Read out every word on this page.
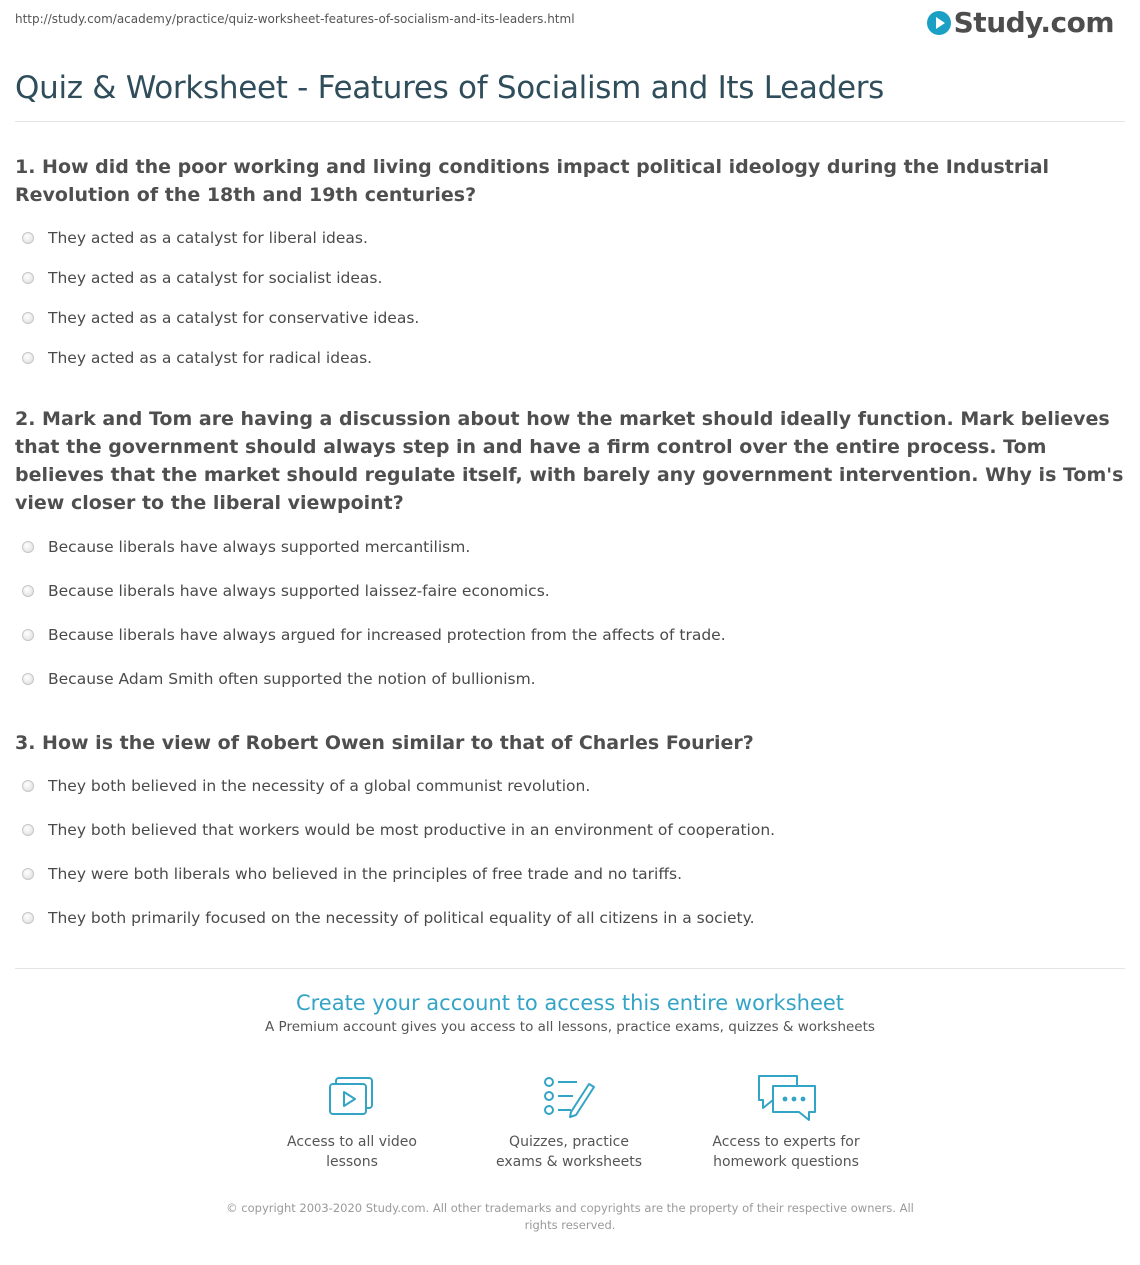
http://study.com/academy/practice/quiz-worksheet-features-of-socialism-and-its-leaders.html	Study.com
Quiz & Worksheet - Features of Socialism and Its Leaders
1. How did the poor working and living conditions impact political ideology during the Industrial Revolution of the 18th and 19th centuries?
They acted as a catalyst for liberal ideas.
They acted as a catalyst for socialist ideas.
They acted as a catalyst for conservative ideas.
They acted as a catalyst for radical ideas.
2. Mark and Tom are having a discussion about how the market should ideally function. Mark believes that the government should always step in and have a firm control over the entire process. Tom believes that the market should regulate itself, with barely any government intervention. Why is Tom's view closer to the liberal viewpoint?
Because liberals have always supported mercantilism.
Because liberals have always supported laissez-faire economics.
Because liberals have always argued for increased protection from the affects of trade.
Because Adam Smith often supported the notion of bullionism.
3. How is the view of Robert Owen similar to that of Charles Fourier?
They both believed in the necessity of a global communist revolution.
They both believed that workers would be most productive in an environment of cooperation.
They were both liberals who believed in the principles of free trade and no tariffs.
They both primarily focused on the necessity of political equality of all citizens in a society.
Create your account to access this entire worksheet
A Premium account gives you access to all lessons, practice exams, quizzes & worksheets
Access to all video lessons
Quizzes, practice exams & worksheets
Access to experts for homework questions
© copyright 2003-2020 Study.com. All other trademarks and copyrights are the property of their respective owners. All rights reserved.
